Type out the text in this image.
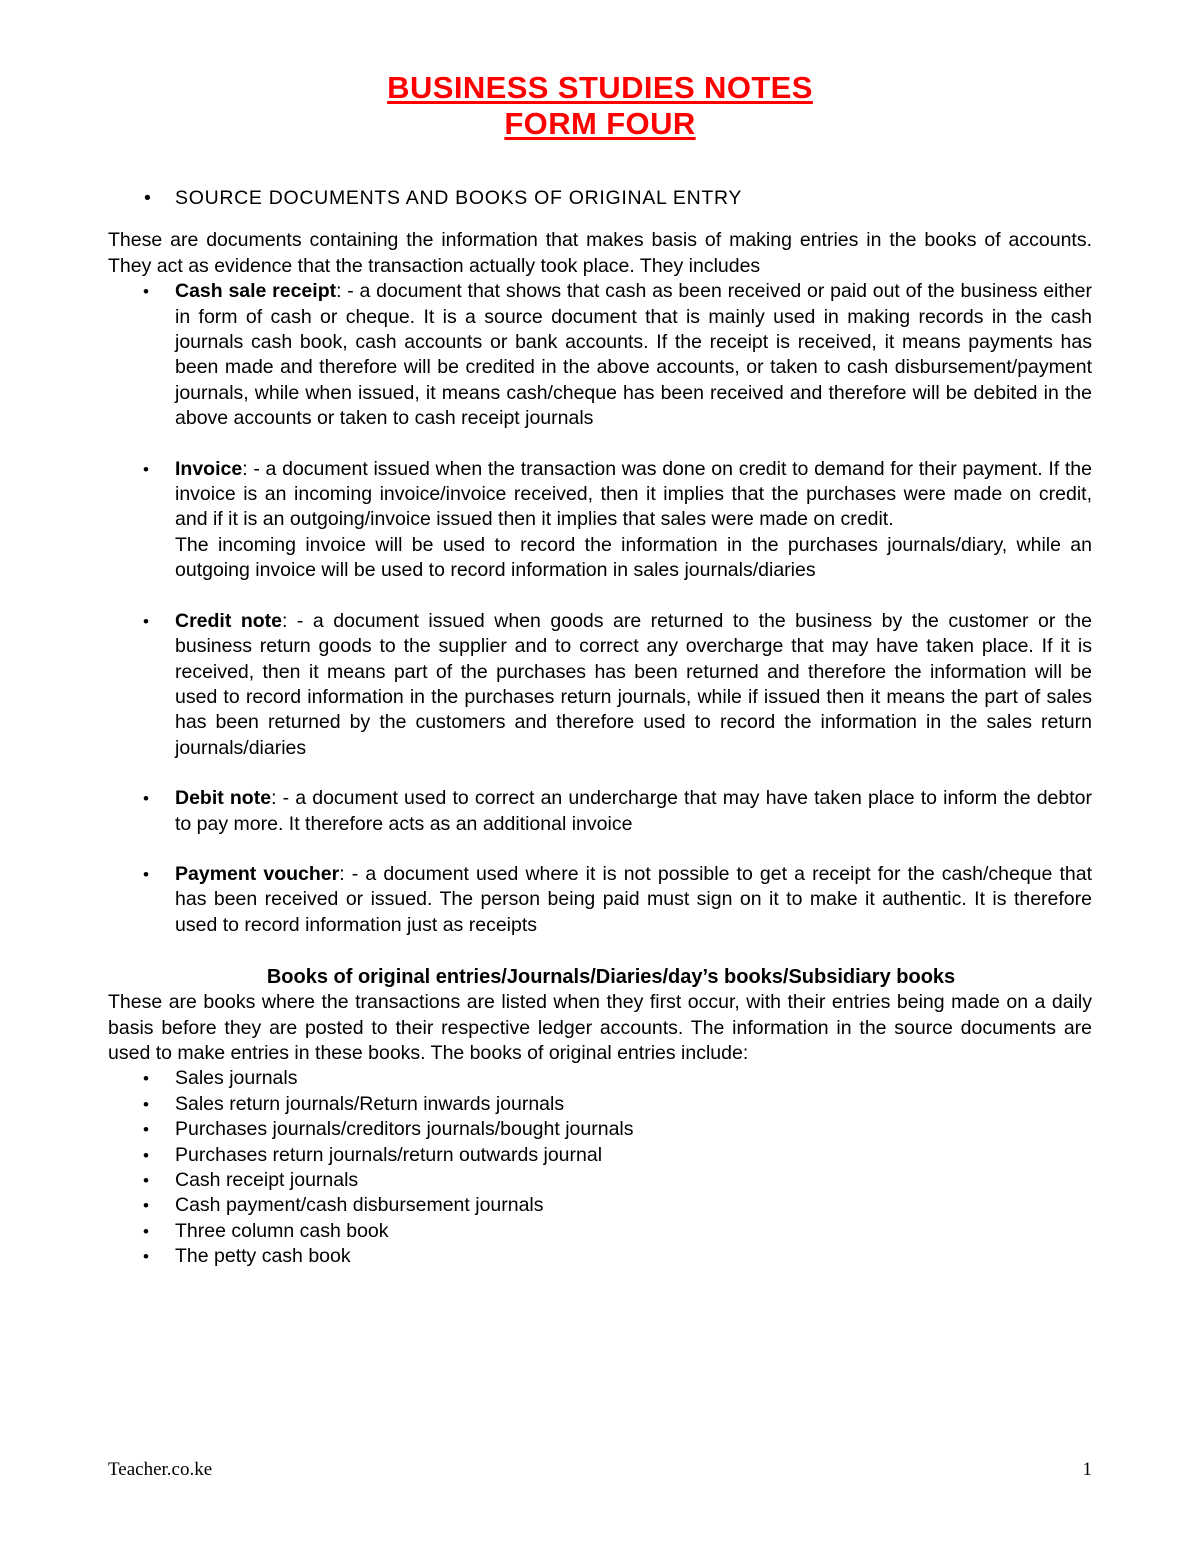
BUSINESS STUDIES NOTES
FORM FOUR

• SOURCE DOCUMENTS AND BOOKS OF ORIGINAL ENTRY

These are documents containing the information that makes basis of making entries in the books of accounts. They act as evidence that the transaction actually took place. They includes

• Cash sale receipt: - a document that shows that cash as been received or paid out of the business either in form of cash or cheque. It is a source document that is mainly used in making records in the cash journals cash book, cash accounts or bank accounts. If the receipt is received, it means payments has been made and therefore will be credited in the above accounts, or taken to cash disbursement/payment journals, while when issued, it means cash/cheque has been received and therefore will be debited in the above accounts or taken to cash receipt journals
• Invoice: - a document issued when the transaction was done on credit to demand for their payment. If the invoice is an incoming invoice/invoice received, then it implies that the purchases were made on credit, and if it is an outgoing/invoice issued then it implies that sales were made on credit.
The incoming invoice will be used to record the information in the purchases journals/diary, while an outgoing invoice will be used to record information in sales journals/diaries
• Credit note: - a document issued when goods are returned to the business by the customer or the business return goods to the supplier and to correct any overcharge that may have taken place. If it is received, then it means part of the purchases has been returned and therefore the information will be used to record information in the purchases return journals, while if issued then it means the part of sales has been returned by the customers and therefore used to record the information in the sales return journals/diaries
• Debit note: - a document used to correct an undercharge that may have taken place to inform the debtor to pay more. It therefore acts as an additional invoice
• Payment voucher: - a document used where it is not possible to get a receipt for the cash/cheque that has been received or issued. The person being paid must sign on it to make it authentic. It is therefore used to record information just as receipts

Books of original entries/Journals/Diaries/day’s books/Subsidiary books

These are books where the transactions are listed when they first occur, with their entries being made on a daily basis before they are posted to their respective ledger accounts. The information in the source documents are used to make entries in these books. The books of original entries include:

• Sales journals
• Sales return journals/Return inwards journals
• Purchases journals/creditors journals/bought journals
• Purchases return journals/return outwards journal
• Cash receipt journals
• Cash payment/cash disbursement journals
• Three column cash book
• The petty cash book
Teacher.co.ke	1
